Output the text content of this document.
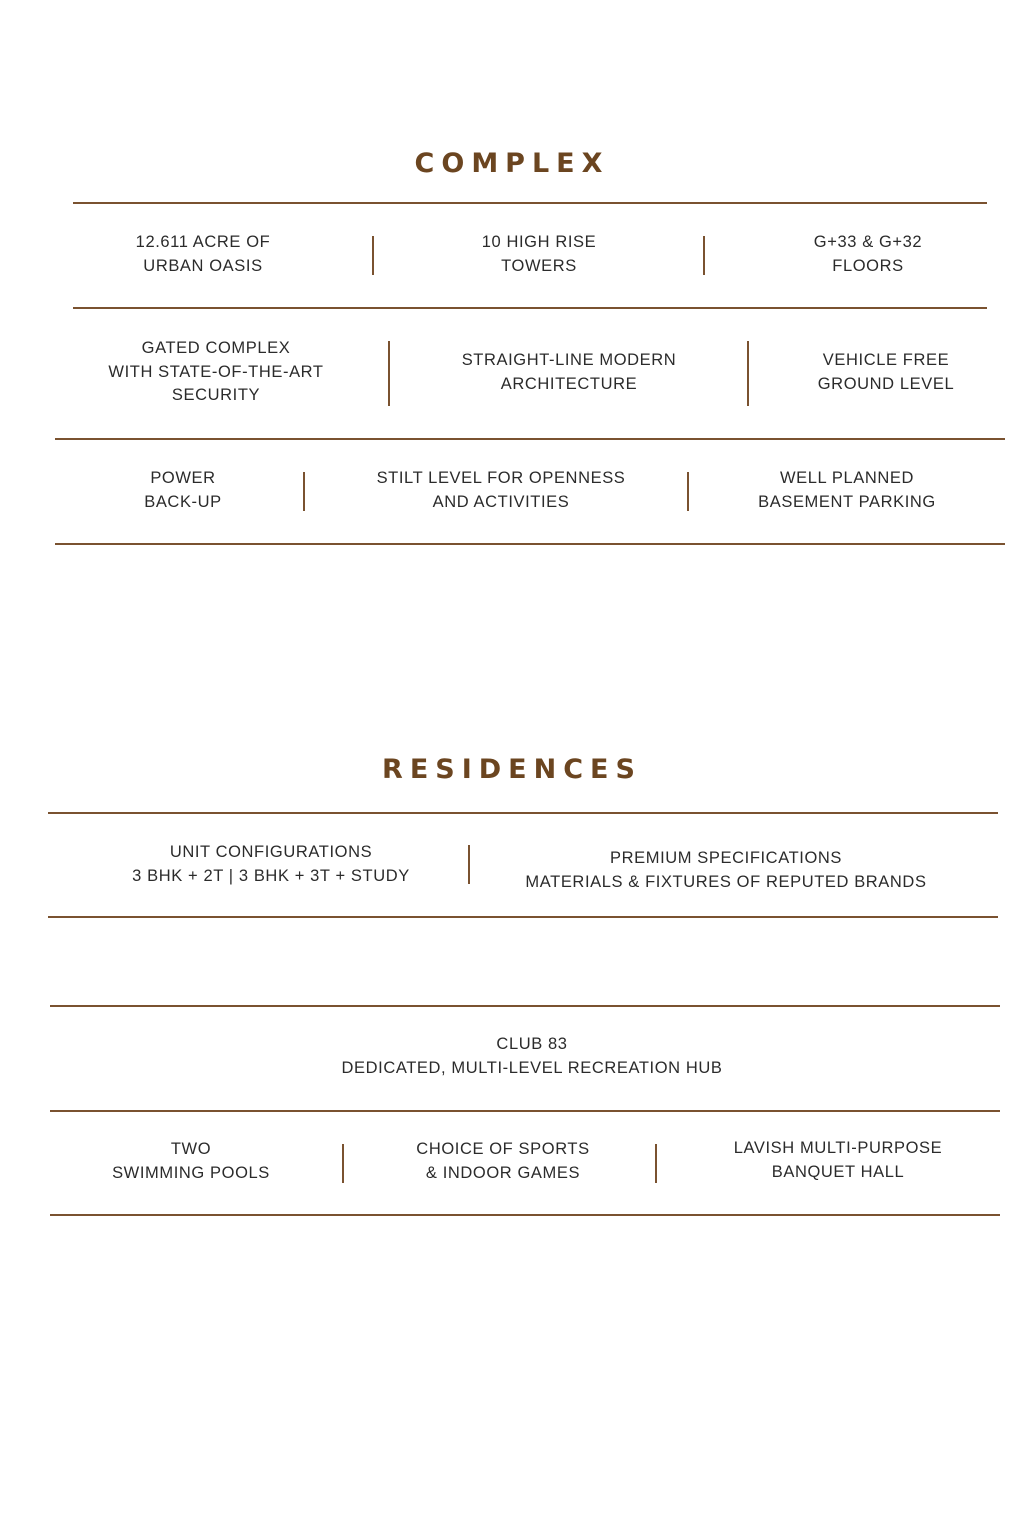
COMPLEX
12.611 ACRE OF
URBAN OASIS
10 HIGH RISE
TOWERS
G+33 & G+32
FLOORS
GATED COMPLEX
WITH STATE-OF-THE-ART
SECURITY
STRAIGHT-LINE MODERN
ARCHITECTURE
VEHICLE FREE
GROUND LEVEL
POWER
BACK-UP
STILT LEVEL FOR OPENNESS
AND ACTIVITIES
WELL PLANNED
BASEMENT PARKING
RESIDENCES
UNIT CONFIGURATIONS
3 BHK + 2T | 3 BHK + 3T + STUDY
PREMIUM SPECIFICATIONS
MATERIALS & FIXTURES OF REPUTED BRANDS
CLUB 83
DEDICATED, MULTI-LEVEL RECREATION HUB
TWO
SWIMMING POOLS
CHOICE OF SPORTS
& INDOOR GAMES
LAVISH MULTI-PURPOSE
BANQUET HALL
